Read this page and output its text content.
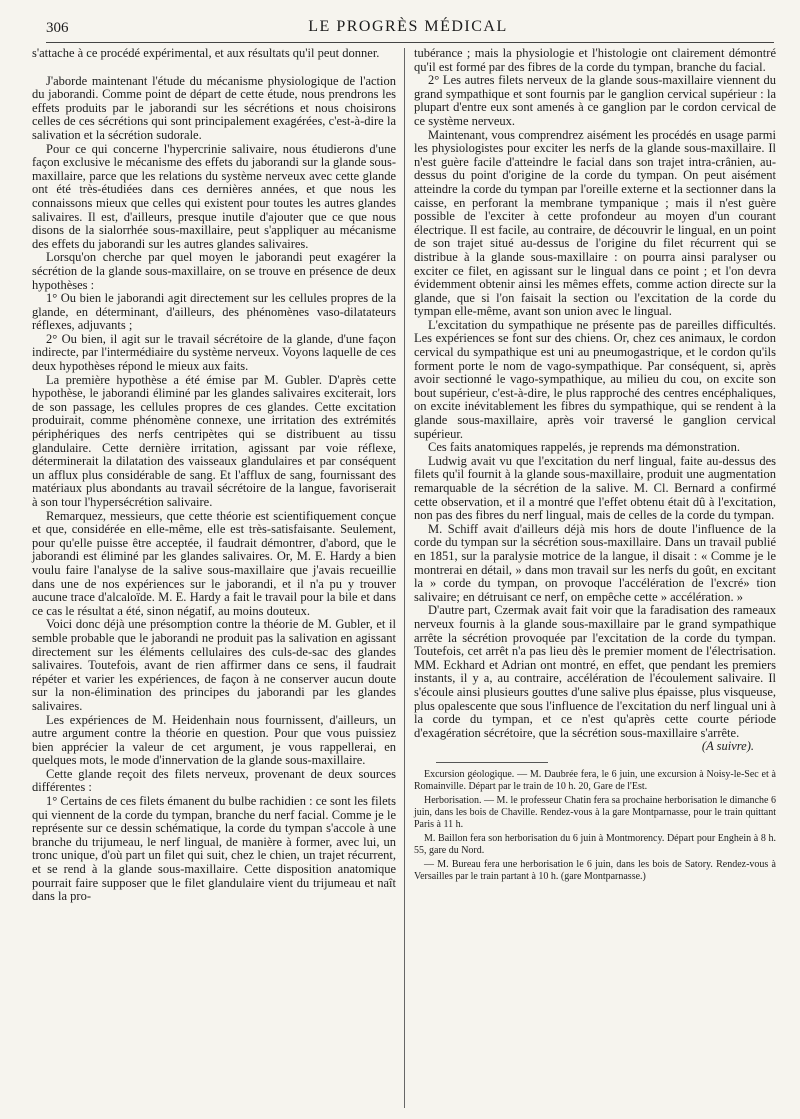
306	LE PROGRÈS MÉDICAL

s'attache à ce procédé expérimental, et aux résultats qu'il peut donner.

J'aborde maintenant l'étude du mécanisme physiologique de l'action du jaborandi. Comme point de départ de cette étude, nous prendrons les effets produits par le jaborandi sur les sécrétions et nous choisirons celles de ces sécrétions qui sont principalement exagérées, c'est-à-dire la salivation et la sécrétion sudorale.

Pour ce qui concerne l'hypercrinie salivaire, nous étudierons d'une façon exclusive le mécanisme des effets du jaborandi sur la glande sous-maxillaire, parce que les relations du système nerveux avec cette glande ont été très-étudiées dans ces dernières années, et que nous les connaissons mieux que celles qui existent pour toutes les autres glandes salivaires. Il est, d'ailleurs, presque inutile d'ajouter que ce que nous disons de la sialorrhée sous-maxillaire, peut s'appliquer au mécanisme des effets du jaborandi sur les autres glandes salivaires.

Lorsqu'on cherche par quel moyen le jaborandi peut exagérer la sécrétion de la glande sous-maxillaire, on se trouve en présence de deux hypothèses :

1° Ou bien le jaborandi agit directement sur les cellules propres de la glande, en déterminant, d'ailleurs, des phénomènes vaso-dilatateurs réflexes, adjuvants ;

2° Ou bien, il agit sur le travail sécrétoire de la glande, d'une façon indirecte, par l'intermédiaire du système nerveux. Voyons laquelle de ces deux hypothèses répond le mieux aux faits.

La première hypothèse a été émise par M. Gubler. D'après cette hypothèse, le jaborandi éliminé par les glandes salivaires exciterait, lors de son passage, les cellules propres de ces glandes. Cette excitation produirait, comme phénomène connexe, une irritation des extrémités périphériques des nerfs centripètes qui se distribuent au tissu glandulaire. Cette dernière irritation, agissant par voie réflexe, déterminerait la dilatation des vaisseaux glandulaires et par conséquent un afflux plus considérable de sang. Et l'afflux de sang, fournissant des matériaux plus abondants au travail sécrétoire de la langue, favoriserait à son tour l'hypersécrétion salivaire.

Remarquez, messieurs, que cette théorie est scientifiquement conçue et que, considérée en elle-même, elle est très-satisfaisante. Seulement, pour qu'elle puisse être acceptée, il faudrait démontrer, d'abord, que le jaborandi est éliminé par les glandes salivaires. Or, M. E. Hardy a bien voulu faire l'analyse de la salive sous-maxillaire que j'avais recueillie dans une de nos expériences sur le jaborandi, et il n'a pu y trouver aucune trace d'alcaloïde. M. E. Hardy a fait le travail pour la bile et dans ce cas le résultat a été, sinon négatif, au moins douteux.

Voici donc déjà une présomption contre la théorie de M. Gubler, et il semble probable que le jaborandi ne produit pas la salivation en agissant directement sur les éléments cellulaires des culs-de-sac des glandes salivaires. Toutefois, avant de rien affirmer dans ce sens, il faudrait répéter et varier les expériences, de façon à ne conserver aucun doute sur la non-élimination des principes du jaborandi par les glandes salivaires.

Les expériences de M. Heidenhain nous fournissent, d'ailleurs, un autre argument contre la théorie en question. Pour que vous puissiez bien apprécier la valeur de cet argument, je vous rappellerai, en quelques mots, le mode d'innervation de la glande sous-maxillaire.

Cette glande reçoit des filets nerveux, provenant de deux sources différentes :

1° Certains de ces filets émanent du bulbe rachidien : ce sont les filets qui viennent de la corde du tympan, branche du nerf facial. Comme je le représente sur ce dessin schématique, la corde du tympan s'accole à une branche du trijumeau, le nerf lingual, de manière à former, avec lui, un tronc unique, d'où part un filet qui suit, chez le chien, un trajet récurrent, et se rend à la glande sous-maxillaire. Cette disposition anatomique pourrait faire supposer que le filet glandulaire vient du trijumeau et naît dans la pro-

tubérance ; mais la physiologie et l'histologie ont clairement démontré qu'il est formé par des fibres de la corde du tympan, branche du facial.

2° Les autres filets nerveux de la glande sous-maxillaire viennent du grand sympathique et sont fournis par le ganglion cervical supérieur : la plupart d'entre eux sont amenés à ce ganglion par le cordon cervical de ce système nerveux.

Maintenant, vous comprendrez aisément les procédés en usage parmi les physiologistes pour exciter les nerfs de la glande sous-maxillaire. Il n'est guère facile d'atteindre le facial dans son trajet intra-crânien, au-dessus du point d'origine de la corde du tympan. On peut aisément atteindre la corde du tympan par l'oreille externe et la sectionner dans la caisse, en perforant la membrane tympanique ; mais il n'est guère possible de l'exciter à cette profondeur au moyen d'un courant électrique. Il est facile, au contraire, de découvrir le lingual, en un point de son trajet situé au-dessus de l'origine du filet récurrent qui se distribue à la glande sous-maxillaire : on pourra ainsi paralyser ou exciter ce filet, en agissant sur le lingual dans ce point ; et l'on devra évidemment obtenir ainsi les mêmes effets, comme action directe sur la glande, que si l'on faisait la section ou l'excitation de la corde du tympan elle-même, avant son union avec le lingual.

L'excitation du sympathique ne présente pas de pareilles difficultés. Les expériences se font sur des chiens. Or, chez ces animaux, le cordon cervical du sympathique est uni au pneumogastrique, et le cordon qu'ils forment porte le nom de vago-sympathique. Par conséquent, si, après avoir sectionné le vago-sympathique, au milieu du cou, on excite son bout supérieur, c'est-à-dire, le plus rapproché des centres encéphaliques, on excite inévitablement les fibres du sympathique, qui se rendent à la glande sous-maxillaire, après voir traversé le ganglion cervical supérieur.

Ces faits anatomiques rappelés, je reprends ma démonstration.

Ludwig avait vu que l'excitation du nerf lingual, faite au-dessus des filets qu'il fournit à la glande sous-maxillaire, produit une augmentation remarquable de la sécrétion de la salive. M. Cl. Bernard a confirmé cette observation, et il a montré que l'effet obtenu était dû à l'excitation, non pas des fibres du nerf lingual, mais de celles de la corde du tympan.

M. Schiff avait d'ailleurs déjà mis hors de doute l'influence de la corde du tympan sur la sécrétion sous-maxillaire. Dans un travail publié en 1851, sur la paralysie motrice de la langue, il disait : « Comme je le montrerai en détail, » dans mon travail sur les nerfs du goût, en excitant la » corde du tympan, on provoque l'accélération de l'excré» tion salivaire; en détruisant ce nerf, on empêche cette » accélération. »

D'autre part, Czermak avait fait voir que la faradisation des rameaux nerveux fournis à la glande sous-maxillaire par le grand sympathique arrête la sécrétion provoquée par l'excitation de la corde du tympan. Toutefois, cet arrêt n'a pas lieu dès le premier moment de l'électrisation. MM. Eckhard et Adrian ont montré, en effet, que pendant les premiers instants, il y a, au contraire, accélération de l'écoulement salivaire. Il s'écoule ainsi plusieurs gouttes d'une salive plus épaisse, plus visqueuse, plus opalescente que sous l'influence de l'excitation du nerf lingual uni à la corde du tympan, et ce n'est qu'après cette courte période d'exagération sécrétoire, que la sécrétion sous-maxillaire s'arrête.

(A suivre).

Excursion géologique. — M. Daubrée fera, le 6 juin, une excursion à Noisy-le-Sec et à Romainville. Départ par le train de 10 h. 20, Gare de l'Est.

Herborisation. — M. le professeur Chatin fera sa prochaine herborisation le dimanche 6 juin, dans les bois de Chaville. Rendez-vous à la gare Montparnasse, pour le train quittant Paris à 11 h.

M. Baillon fera son herborisation du 6 juin à Montmorency. Départ pour Enghein à 8 h. 55, gare du Nord.

— M. Bureau fera une herborisation le 6 juin, dans les bois de Satory. Rendez-vous à Versailles par le train partant à 10 h. (gare Montparnasse.)
